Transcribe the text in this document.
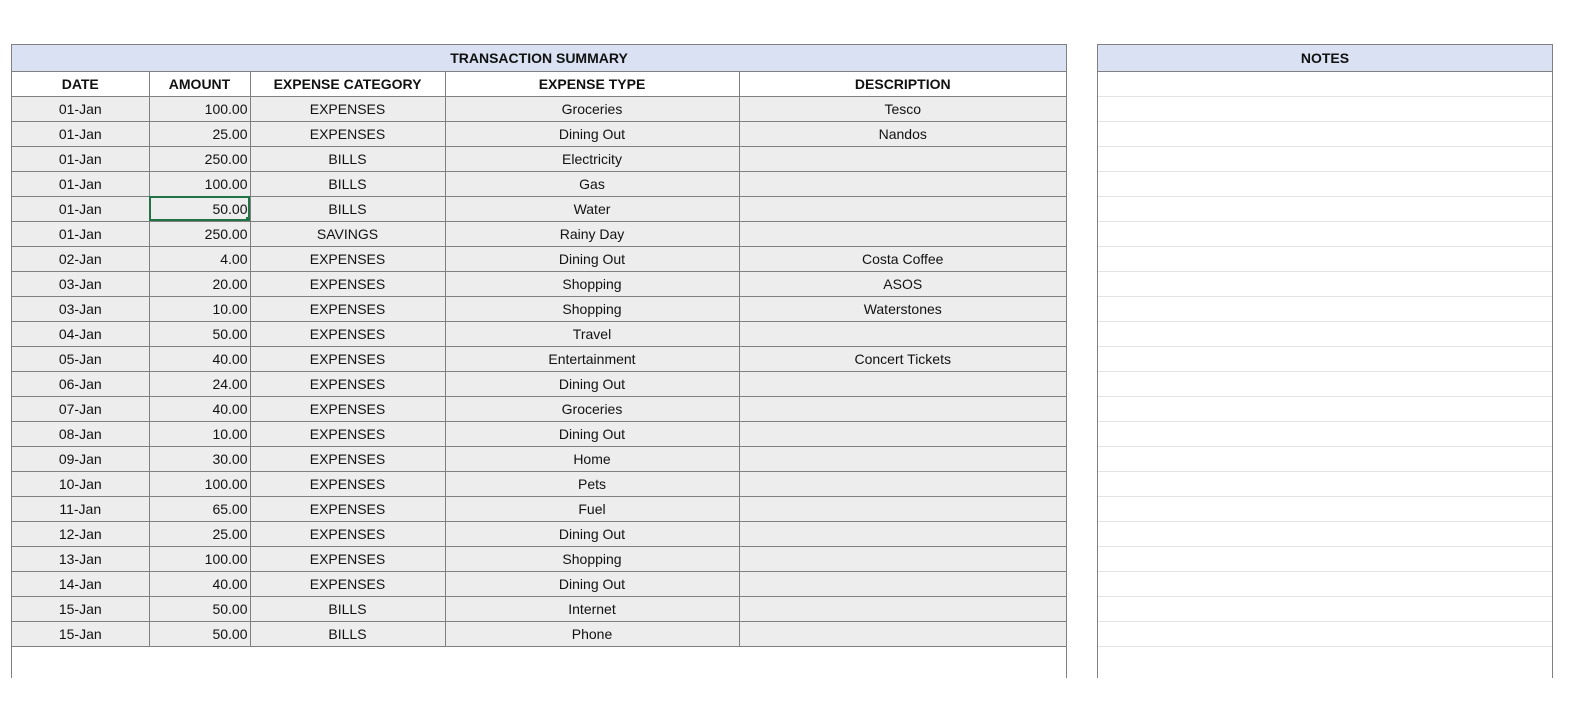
TRANSACTION SUMMARY				
DATE	AMOUNT	EXPENSE CATEGORY	EXPENSE TYPE	DESCRIPTION
01-Jan	100.00	EXPENSES	Groceries	Tesco
01-Jan	25.00	EXPENSES	Dining Out	Nandos
01-Jan	250.00	BILLS	Electricity	
01-Jan	100.00	BILLS	Gas	
01-Jan	50.00	BILLS	Water	
01-Jan	250.00	SAVINGS	Rainy Day	
02-Jan	4.00	EXPENSES	Dining Out	Costa Coffee
03-Jan	20.00	EXPENSES	Shopping	ASOS
03-Jan	10.00	EXPENSES	Shopping	Waterstones
04-Jan	50.00	EXPENSES	Travel	
05-Jan	40.00	EXPENSES	Entertainment	Concert Tickets
06-Jan	24.00	EXPENSES	Dining Out	
07-Jan	40.00	EXPENSES	Groceries	
08-Jan	10.00	EXPENSES	Dining Out	
09-Jan	30.00	EXPENSES	Home	
10-Jan	100.00	EXPENSES	Pets	
11-Jan	65.00	EXPENSES	Fuel	
12-Jan	25.00	EXPENSES	Dining Out	
13-Jan	100.00	EXPENSES	Shopping	
14-Jan	40.00	EXPENSES	Dining Out	
15-Jan	50.00	BILLS	Internet	
15-Jan	50.00	BILLS	Phone	
NOTES
